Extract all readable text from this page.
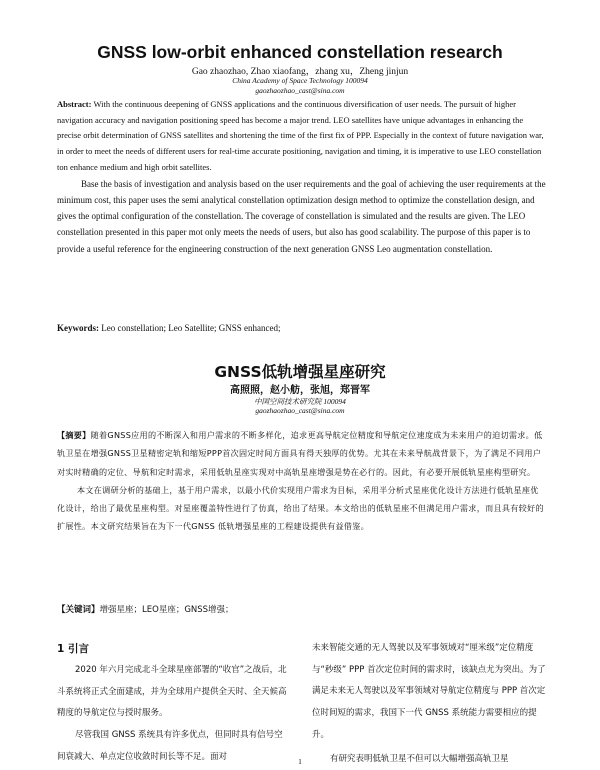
GNSS low-orbit enhanced constellation research
Gao zhaozhao, Zhao xiaofang，zhang xu，Zheng jinjun
China Academy of Space Technology 100094
gaozhaozhao_cast@sina.com

Abstract: With the continuous deepening of GNSS applications and the continuous diversification of user needs. The pursuit of higher navigation accuracy and navigation positioning speed has become a major trend. LEO satellites have unique advantages in enhancing the precise orbit determination of GNSS satellites and shortening the time of the first fix of PPP. Especially in the context of future navigation war, in order to meet the needs of different users for real-time accurate positioning, navigation and timing, it is imperative to use LEO constellation ton enhance medium and high orbit satellites.

Base the basis of investigation and analysis based on the user requirements and the goal of achieving the user requirements at the minimum cost, this paper uses the semi analytical constellation optimization design method to optimize the constellation design, and gives the optimal configuration of the constellation. The coverage of constellation is simulated and the results are given. The LEO constellation presented in this paper mot only meets the needs of users, but also has good scalability. The purpose of this paper is to provide a useful reference for the engineering construction of the next generation GNSS Leo augmentation constellation.

Keywords: Leo constellation; Leo Satellite; GNSS enhanced;
GNSS低轨增强星座研究
高照照，赵小舫，张旭，郑晋军
中国空间技术研究院 100094
gaozhaozhao_cast@sina.com

【摘要】随着GNSS应用的不断深入和用户需求的不断多样化，追求更高导航定位精度和导航定位速度成为未来用户的迫切需求。低轨卫星在增强GNSS卫星精密定轨和缩短PPP首次固定时间方面具有得天独厚的优势。尤其在未来导航战背景下，为了满足不同用户对实时精确的定位、导航和定时需求，采用低轨星座实现对中高轨星座增强是势在必行的。因此，有必要开展低轨星座构型研究。

本文在调研分析的基础上，基于用户需求，以最小代价实现用户需求为目标，采用半分析式星座优化设计方法进行低轨星座优化设计，给出了最优星座构型。对星座覆盖特性进行了仿真，给出了结果。本文给出的低轨星座不但满足用户需求，而且具有较好的扩展性。本文研究结果旨在为下一代GNSS 低轨增强星座的工程建设提供有益借鉴。

【关键词】增强星座；LEO星座；GNSS增强；
1 引言

2020 年六月完成北斗全球星座部署的“收官”之战后，北斗系统将正式全面建成，并为全球用户提供全天时、全天候高精度的导航定位与授时服务。

尽管我国 GNSS 系统具有许多优点，但同时具有信号空间衰减大、单点定位收敛时间长等不足。面对

未来智能交通的无人驾驶以及军事领域对“厘米级”定位精度与“秒级” PPP 首次定位时间的需求时，该缺点尤为突出。为了满足未来无人驾驶以及军事领域对导航定位精度与 PPP 首次定位时间短的需求，我国下一代 GNSS 系统能力需要相应的提升。

有研究表明低轨卫星不但可以大幅增强高轨卫星

1
